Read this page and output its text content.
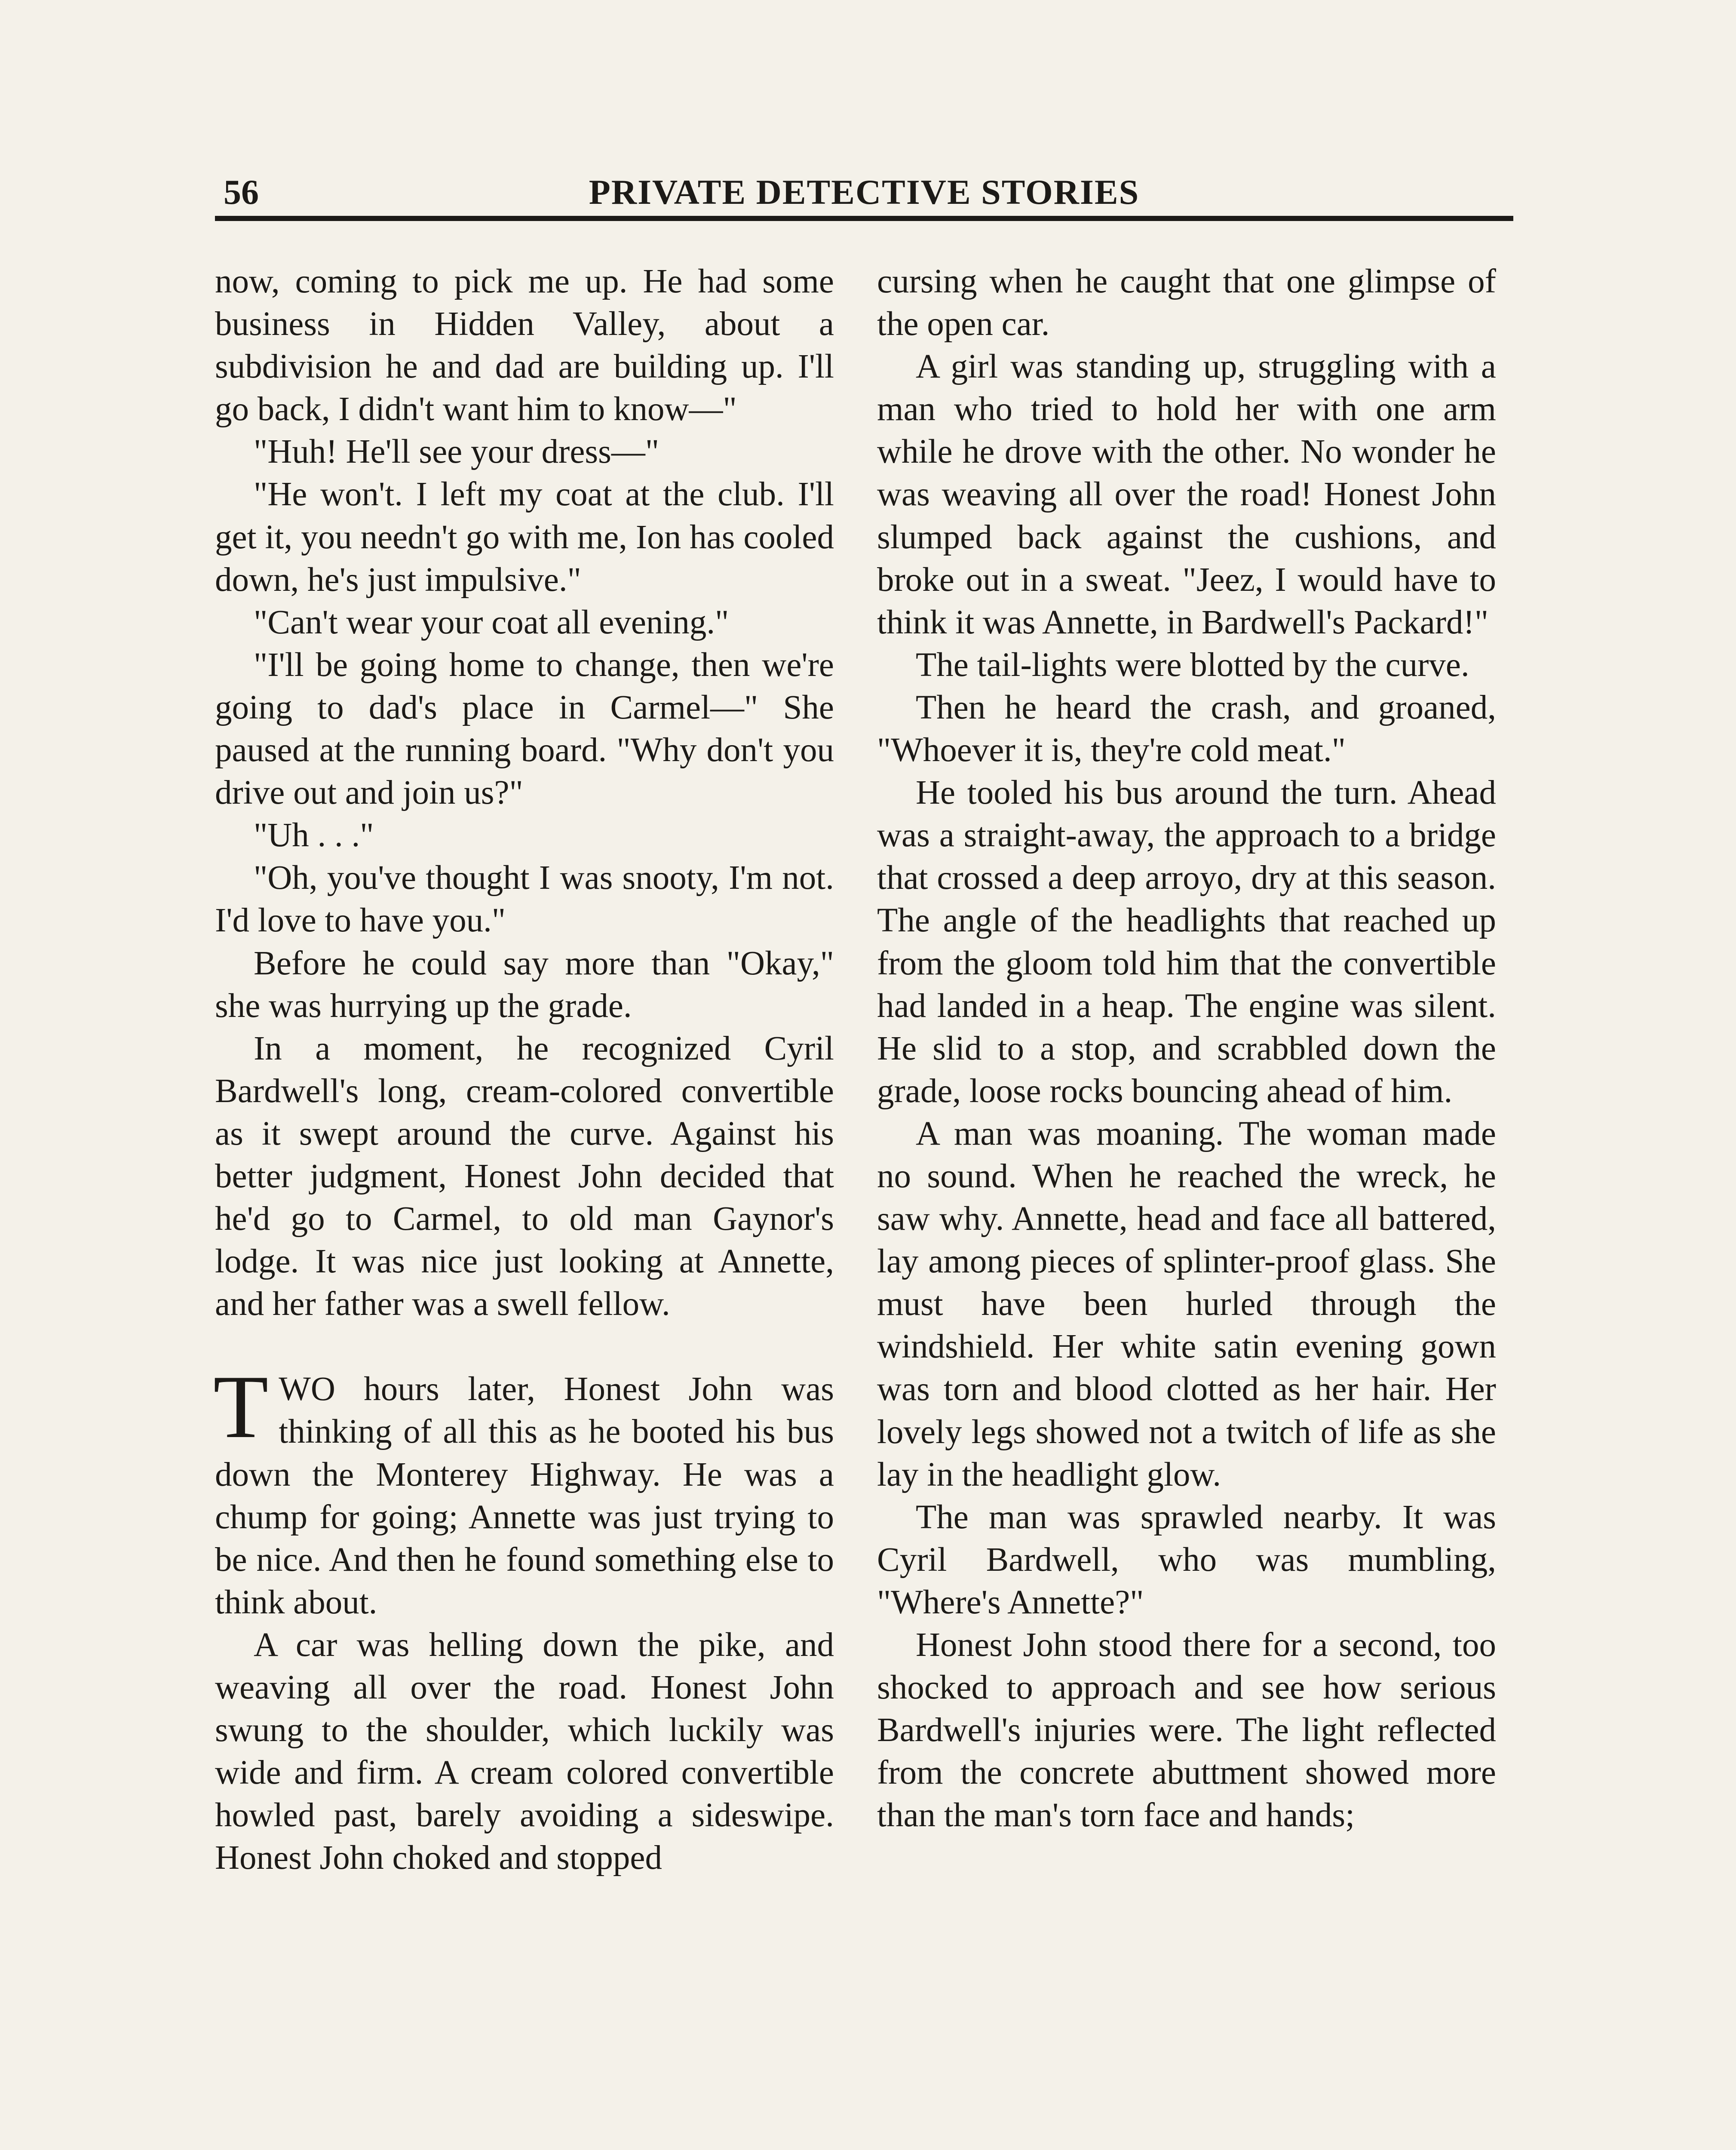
56	PRIVATE DETECTIVE STORIES

now, coming to pick me up. He had some business in Hidden Valley, about a subdivision he and dad are building up. I'll go back, I didn't want him to know—"

"Huh! He'll see your dress—"

"He won't. I left my coat at the club. I'll get it, you needn't go with me, Ion has cooled down, he's just impulsive."

"Can't wear your coat all evening."

"I'll be going home to change, then we're going to dad's place in Carmel—" She paused at the running board. "Why don't you drive out and join us?"

"Uh . . ."

"Oh, you've thought I was snooty, I'm not. I'd love to have you."

Before he could say more than "Okay," she was hurrying up the grade.

In a moment, he recognized Cyril Bardwell's long, cream-colored convertible as it swept around the curve. Against his better judgment, Honest John decided that he'd go to Carmel, to old man Gaynor's lodge. It was nice just looking at Annette, and her father was a swell fellow.

TWO hours later, Honest John was thinking of all this as he booted his bus down the Monterey Highway. He was a chump for going; Annette was just trying to be nice. And then he found something else to think about.

A car was helling down the pike, and weaving all over the road. Honest John swung to the shoulder, which luckily was wide and firm. A cream colored convertible howled past, barely avoiding a sideswipe. Honest John choked and stopped

cursing when he caught that one glimpse of the open car.

A girl was standing up, struggling with a man who tried to hold her with one arm while he drove with the other. No wonder he was weaving all over the road! Honest John slumped back against the cushions, and broke out in a sweat. "Jeez, I would have to think it was Annette, in Bardwell's Packard!"

The tail-lights were blotted by the curve.

Then he heard the crash, and groaned, "Whoever it is, they're cold meat."

He tooled his bus around the turn. Ahead was a straight-away, the approach to a bridge that crossed a deep arroyo, dry at this season. The angle of the headlights that reached up from the gloom told him that the convertible had landed in a heap. The engine was silent. He slid to a stop, and scrabbled down the grade, loose rocks bouncing ahead of him.

A man was moaning. The woman made no sound. When he reached the wreck, he saw why. Annette, head and face all battered, lay among pieces of splinter-proof glass. She must have been hurled through the windshield. Her white satin evening gown was torn and blood clotted as her hair. Her lovely legs showed not a twitch of life as she lay in the headlight glow.

The man was sprawled nearby. It was Cyril Bardwell, who was mumbling, "Where's Annette?"

Honest John stood there for a second, too shocked to approach and see how serious Bardwell's injuries were. The light reflected from the concrete abuttment showed more than the man's torn face and hands;
